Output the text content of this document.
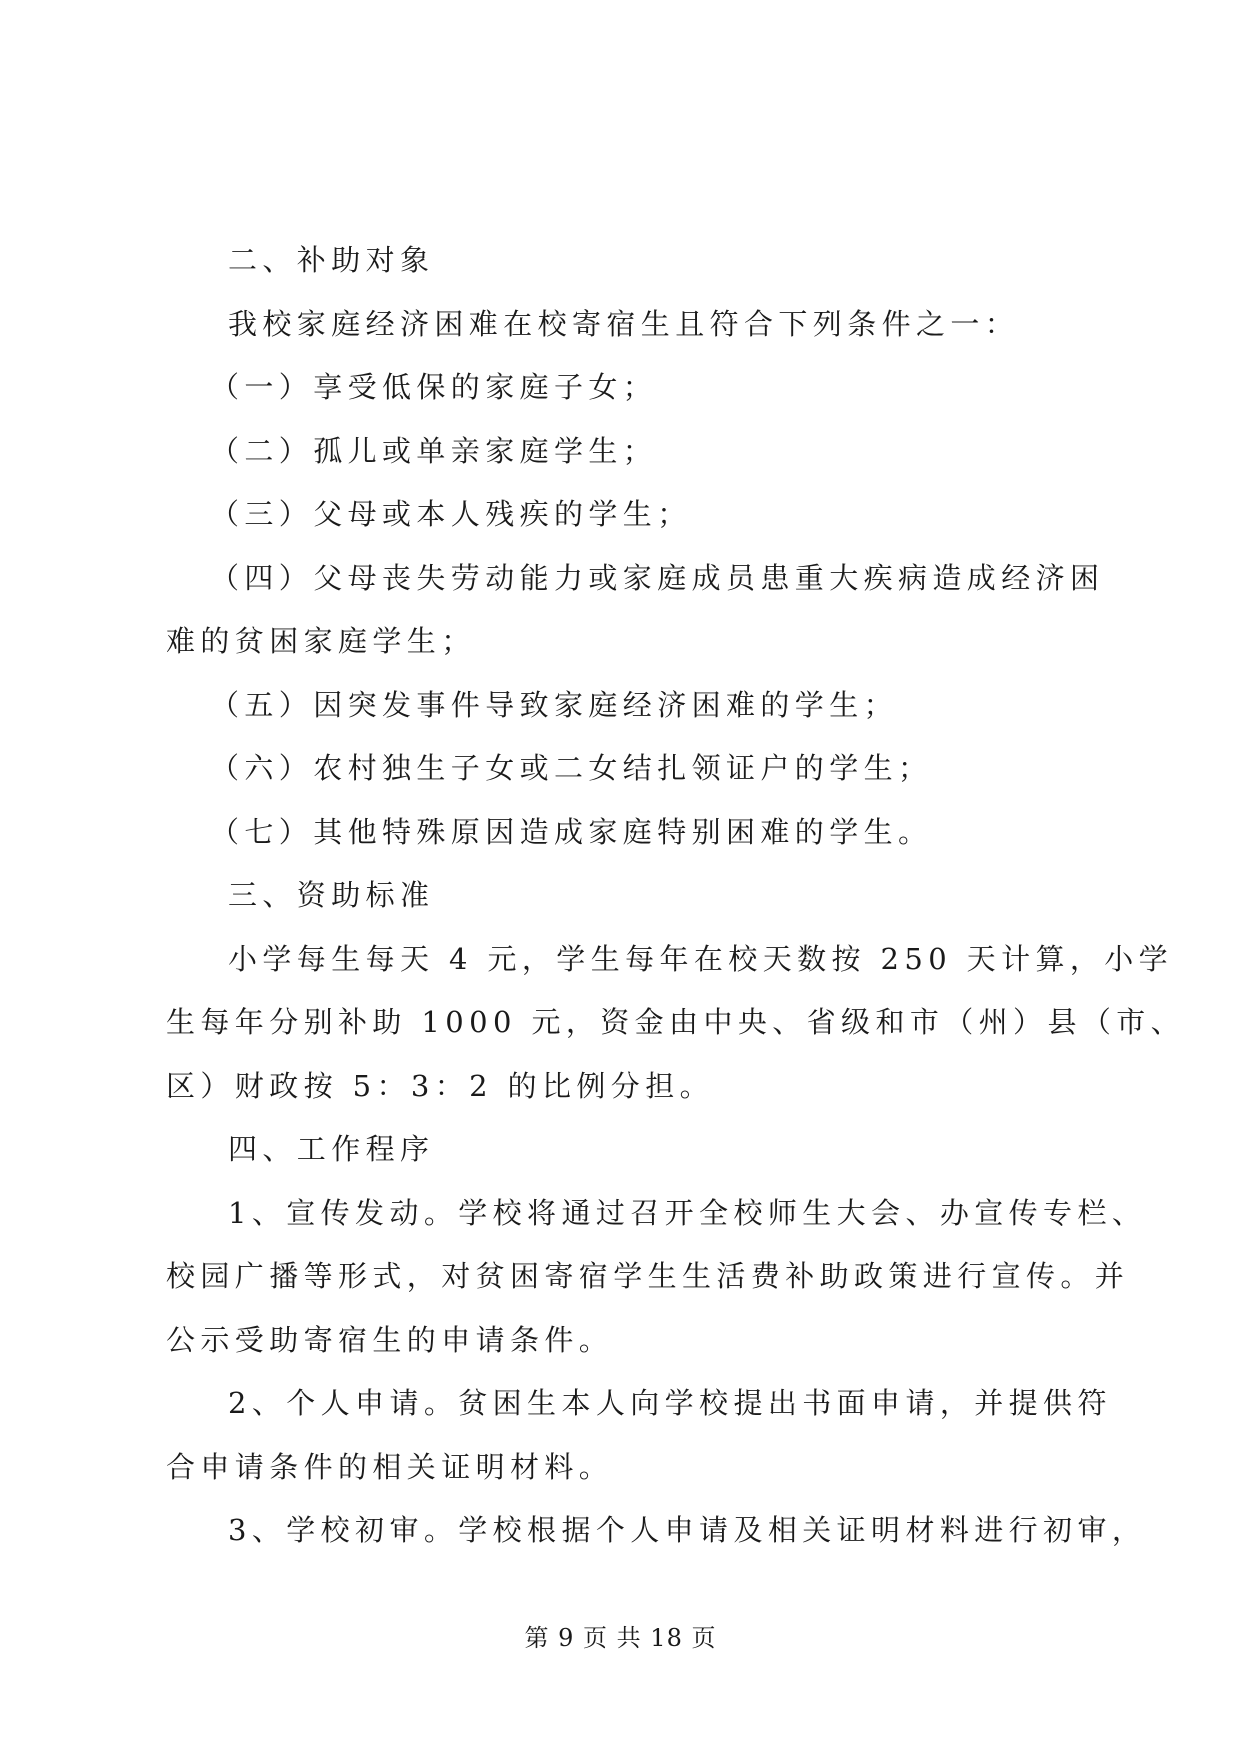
二、补助对象

我校家庭经济困难在校寄宿生且符合下列条件之一：

（一）享受低保的家庭子女；

（二）孤儿或单亲家庭学生；

（三）父母或本人残疾的学生；

（四）父母丧失劳动能力或家庭成员患重大疾病造成经济困

难的贫困家庭学生；

（五）因突发事件导致家庭经济困难的学生；

（六）农村独生子女或二女结扎领证户的学生；

（七）其他特殊原因造成家庭特别困难的学生。

三、资助标准

小学每生每天 4 元，学生每年在校天数按 250 天计算，小学

生每年分别补助 1000 元，资金由中央、省级和市（州）县（市、

区）财政按 5：3：2 的比例分担。

四、工作程序

1、宣传发动。学校将通过召开全校师生大会、办宣传专栏、

校园广播等形式，对贫困寄宿学生生活费补助政策进行宣传。并

公示受助寄宿生的申请条件。

2、个人申请。贫困生本人向学校提出书面申请，并提供符

合申请条件的相关证明材料。

3、学校初审。学校根据个人申请及相关证明材料进行初审，

第 9 页 共 18 页
